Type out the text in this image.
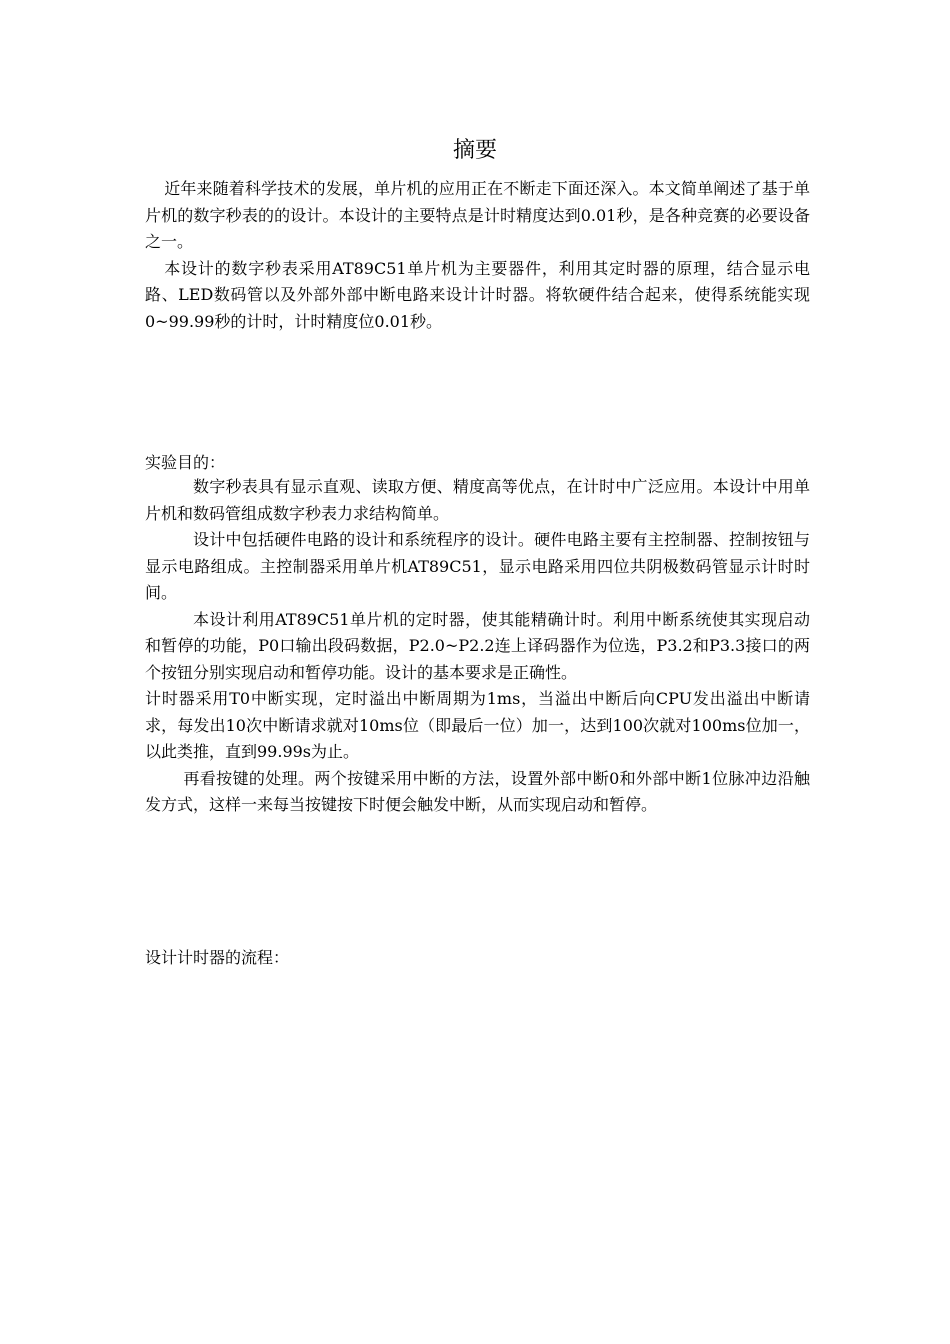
摘要

近年来随着科学技术的发展，单片机的应用正在不断走下面还深入。本文简单阐述了基于单片机的数字秒表的的设计。本设计的主要特点是计时精度达到0.01秒，是各种竞赛的必要设备之一。

本设计的数字秒表采用AT89C51单片机为主要器件，利用其定时器的原理，结合显示电路、LED数码管以及外部外部中断电路来设计计时器。将软硬件结合起来，使得系统能实现0~99.99秒的计时，计时精度位0.01秒。

实验目的：

数字秒表具有显示直观、读取方便、精度高等优点，在计时中广泛应用。本设计中用单片机和数码管组成数字秒表力求结构简单。

设计中包括硬件电路的设计和系统程序的设计。硬件电路主要有主控制器、控制按钮与显示电路组成。主控制器采用单片机AT89C51，显示电路采用四位共阴极数码管显示计时时间。

本设计利用AT89C51单片机的定时器，使其能精确计时。利用中断系统使其实现启动和暂停的功能，P0口输出段码数据，P2.0~P2.2连上译码器作为位选，P3.2和P3.3接口的两个按钮分别实现启动和暂停功能。设计的基本要求是正确性。

计时器采用T0中断实现，定时溢出中断周期为1ms，当溢出中断后向CPU发出溢出中断请求，每发出10次中断请求就对10ms位（即最后一位）加一，达到100次就对100ms位加一，以此类推，直到99.99s为止。

再看按键的处理。两个按键采用中断的方法，设置外部中断0和外部中断1位脉冲边沿触发方式，这样一来每当按键按下时便会触发中断，从而实现启动和暂停。

设计计时器的流程：
